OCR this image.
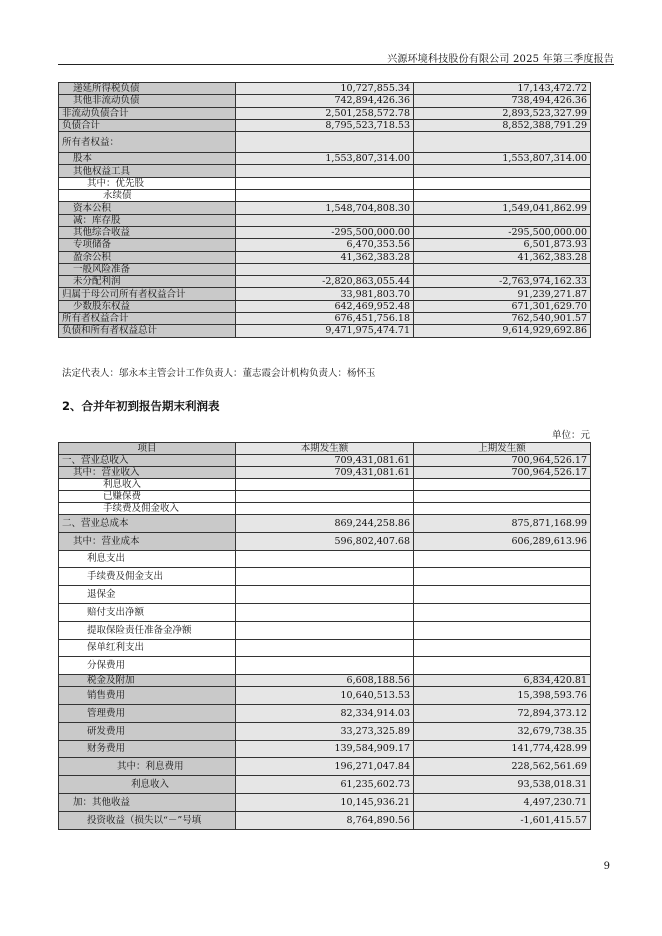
兴源环境科技股份有限公司 2025 年第三季度报告
递延所得税负债	10,727,855.34	17,143,472.72
其他非流动负债	742,894,426.36	738,494,426.36
非流动负债合计	2,501,258,572.78	2,893,523,327.99
负债合计	8,795,523,718.53	8,852,388,791.29
所有者权益：		
股本	1,553,807,314.00	1,553,807,314.00
其他权益工具		
其中：优先股		
永续债		
资本公积	1,548,704,808.30	1,549,041,862.99
减：库存股		
其他综合收益	-295,500,000.00	-295,500,000.00
专项储备	6,470,353.56	6,501,873.93
盈余公积	41,362,383.28	41,362,383.28
一般风险准备		
未分配利润	-2,820,863,055.44	-2,763,974,162.33
归属于母公司所有者权益合计	33,981,803.70	91,239,271.87
少数股东权益	642,469,952.48	671,301,629.70
所有者权益合计	676,451,756.18	762,540,901.57
负债和所有者权益总计	9,471,975,474.71	9,614,929,692.86
法定代表人：邬永本主管会计工作负责人：董志霞会计机构负责人：杨怀玉
2、合并年初到报告期末利润表
单位：元
项目	本期发生额	上期发生额
一、营业总收入	709,431,081.61	700,964,526.17
其中：营业收入	709,431,081.61	700,964,526.17
利息收入		
已赚保费		
手续费及佣金收入		
二、营业总成本	869,244,258.86	875,871,168.99
其中：营业成本	596,802,407.68	606,289,613.96
利息支出		
手续费及佣金支出		
退保金		
赔付支出净额		
提取保险责任准备金净额		
保单红利支出		
分保费用		
税金及附加	6,608,188.56	6,834,420.81
销售费用	10,640,513.53	15,398,593.76
管理费用	82,334,914.03	72,894,373.12
研发费用	33,273,325.89	32,679,738.35
财务费用	139,584,909.17	141,774,428.99
其中：利息费用	196,271,047.84	228,562,561.69
利息收入	61,235,602.73	93,538,018.31
加：其他收益	10,145,936.21	4,497,230.71
投资收益（损失以“－”号填	8,764,890.56	-1,601,415.57
9
